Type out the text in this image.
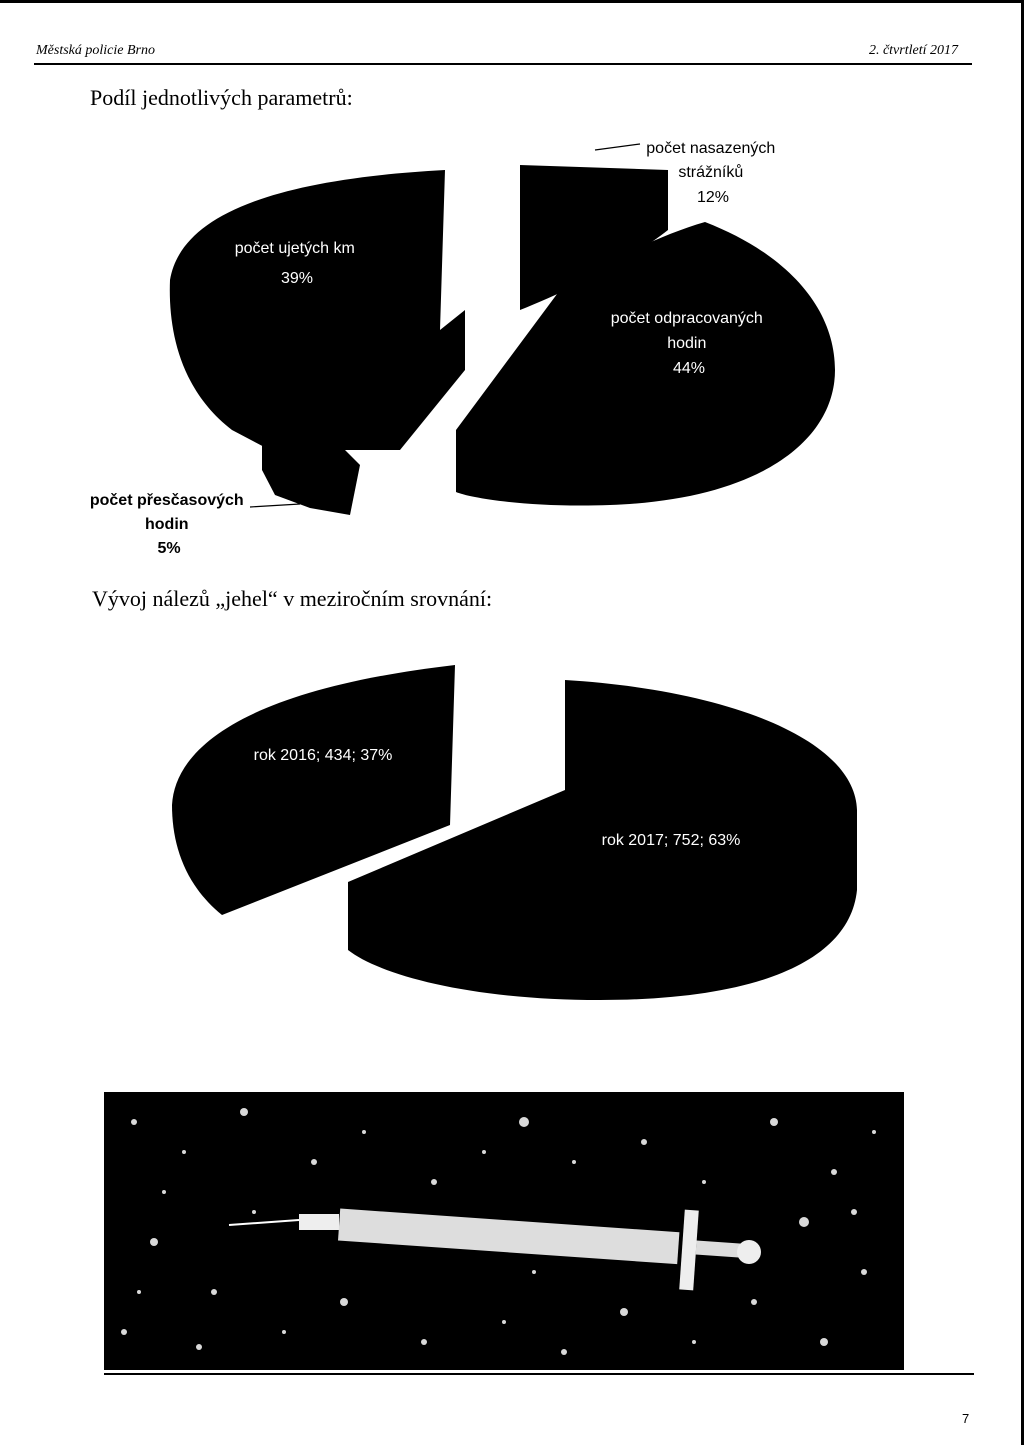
Městská policie Brno	2. čtvrtletí 2017
Podíl jednotlivých parametrů:
počet ujetých km 39%
počet nasazených strážníků 12%
počet odpracovaných hodin 44%
počet přesčasových hodin 5%
Vývoj nálezů „jehel“ v meziročním srovnání:
rok 2016; 434; 37%
rok 2017; 752; 63%
7
